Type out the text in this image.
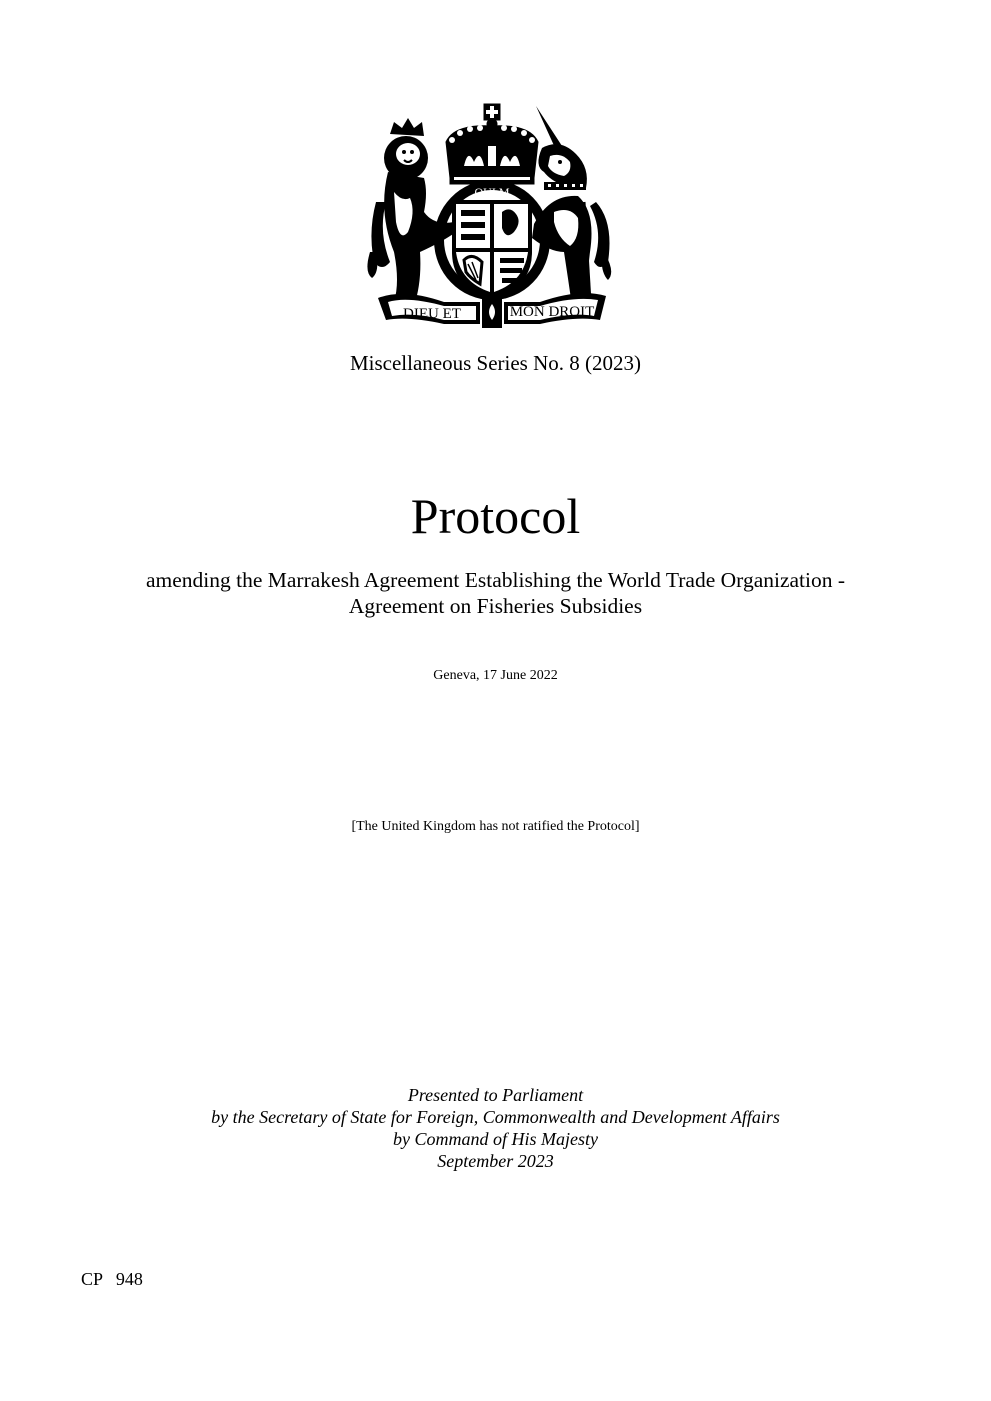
QUI M
DIEU ET	MON DROIT
Miscellaneous Series No. 8 (2023)
Protocol
amending the Marrakesh Agreement Establishing the World Trade Organization -
Agreement on Fisheries Subsidies
Geneva, 17 June 2022
[The United Kingdom has not ratified the Protocol]
Presented to Parliament
by the Secretary of State for Foreign, Commonwealth and Development Affairs
by Command of His Majesty
September 2023
CP   948
